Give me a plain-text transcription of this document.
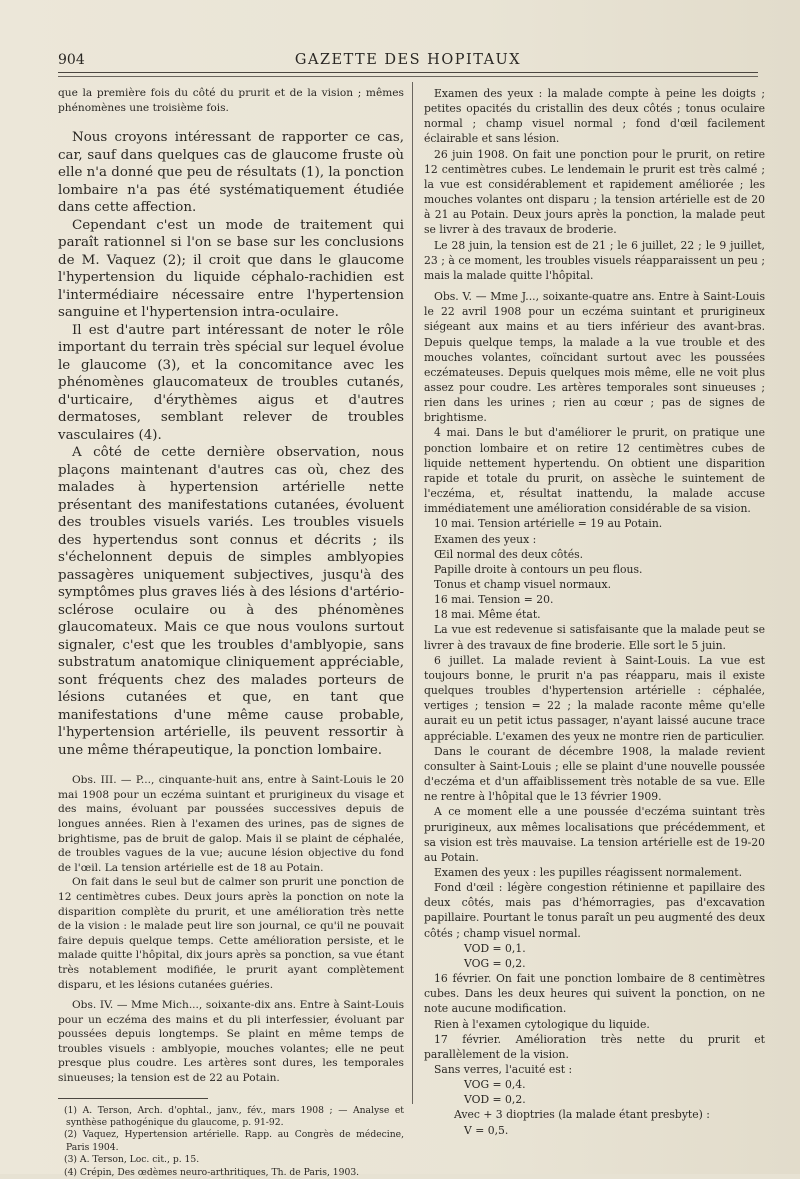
904	GAZETTE DES HOPITAUX

que la première fois du côté du prurit et de la vision ; mêmes phénomènes une troisième fois.

Nous croyons intéressant de rapporter ce cas, car, sauf dans quelques cas de glaucome fruste où elle n'a donné que peu de résultats (1), la ponction lombaire n'a pas été systématiquement étudiée dans cette affection.

Cependant c'est un mode de traitement qui paraît rationnel si l'on se base sur les conclusions de M. Vaquez (2); il croit que dans le glaucome l'hypertension du liquide céphalo-rachidien est l'intermédiaire nécessaire entre l'hypertension sanguine et l'hypertension intra-oculaire.

Il est d'autre part intéressant de noter le rôle important du terrain très spécial sur lequel évolue le glaucome (3), et la concomitance avec les phénomènes glaucomateux de troubles cutanés, d'urticaire, d'érythèmes aigus et d'autres dermatoses, semblant relever de troubles vasculaires (4).

A côté de cette dernière observation, nous plaçons maintenant d'autres cas où, chez des malades à hypertension artérielle nette présentant des manifestations cutanées, évoluent des troubles visuels variés. Les troubles visuels des hypertendus sont connus et décrits ; ils s'échelonnent depuis de simples amblyopies passagères uniquement subjectives, jusqu'à des symptômes plus graves liés à des lésions d'artério-sclérose oculaire ou à des phénomènes glaucomateux. Mais ce que nous voulons surtout signaler, c'est que les troubles d'amblyopie, sans substratum anatomique cliniquement appréciable, sont fréquents chez des malades porteurs de lésions cutanées et que, en tant que manifestations d'une même cause probable, l'hypertension artérielle, ils peuvent ressortir à une même thérapeutique, la ponction lombaire.

Obs. III. — P..., cinquante-huit ans, entre à Saint-Louis le 20 mai 1908 pour un eczéma suintant et prurigineux du visage et des mains, évoluant par poussées successives depuis de longues années. Rien à l'examen des urines, pas de signes de brightisme, pas de bruit de galop. Mais il se plaint de céphalée, de troubles vagues de la vue; aucune lésion objective du fond de l'œil. La tension artérielle est de 18 au Potain.

On fait dans le seul but de calmer son prurit une ponction de 12 centimètres cubes. Deux jours après la ponction on note la disparition complète du prurit, et une amélioration très nette de la vision : le malade peut lire son journal, ce qu'il ne pouvait faire depuis quelque temps. Cette amélioration persiste, et le malade quitte l'hôpital, dix jours après sa ponction, sa vue étant très notablement modifiée, le prurit ayant complètement disparu, et les lésions cutanées guéries.

Obs. IV. — Mme Mich..., soixante-dix ans. Entre à Saint-Louis pour un eczéma des mains et du pli interfessier, évoluant par poussées depuis longtemps. Se plaint en même temps de troubles visuels : amblyopie, mouches volantes; elle ne peut presque plus coudre. Les artères sont dures, les temporales sinueuses; la tension est de 22 au Potain.

(1) A. Terson, Arch. d'ophtal., janv., fév., mars 1908 ; — Analyse et synthèse pathogénique du glaucome, p. 91-92.

(2) Vaquez, Hypertension artérielle. Rapp. au Congrès de médecine, Paris 1904.

(3) A. Terson, Loc. cit., p. 15.

(4) Crépin, Des œdèmes neuro-arthritiques, Th. de Paris, 1903.

Examen des yeux : la malade compte à peine les doigts ; petites opacités du cristallin des deux côtés ; tonus oculaire normal ; champ visuel normal ; fond d'œil facilement éclairable et sans lésion.

26 juin 1908. On fait une ponction pour le prurit, on retire 12 centimètres cubes. Le lendemain le prurit est très calmé ; la vue est considérablement et rapidement améliorée ; les mouches volantes ont disparu ; la tension artérielle est de 20 à 21 au Potain. Deux jours après la ponction, la malade peut se livrer à des travaux de broderie.

Le 28 juin, la tension est de 21 ; le 6 juillet, 22 ; le 9 juillet, 23 ; à ce moment, les troubles visuels réapparaissent un peu ; mais la malade quitte l'hôpital.

Obs. V. — Mme J..., soixante-quatre ans. Entre à Saint-Louis le 22 avril 1908 pour un eczéma suintant et prurigineux siégeant aux mains et au tiers inférieur des avant-bras. Depuis quelque temps, la malade a la vue trouble et des mouches volantes, coïncidant surtout avec les poussées eczémateuses. Depuis quelques mois même, elle ne voit plus assez pour coudre. Les artères temporales sont sinueuses ; rien dans les urines ; rien au cœur ; pas de signes de brightisme.

4 mai. Dans le but d'améliorer le prurit, on pratique une ponction lombaire et on retire 12 centimètres cubes de liquide nettement hypertendu. On obtient une disparition rapide et totale du prurit, on assèche le suintement de l'eczéma, et, résultat inattendu, la malade accuse immédiatement une amélioration considérable de sa vision.

10 mai. Tension artérielle = 19 au Potain.

Examen des yeux :

Œil normal des deux côtés.

Papille droite à contours un peu flous.

Tonus et champ visuel normaux.

16 mai. Tension = 20.

18 mai. Même état.

La vue est redevenue si satisfaisante que la malade peut se livrer à des travaux de fine broderie. Elle sort le 5 juin.

6 juillet. La malade revient à Saint-Louis. La vue est toujours bonne, le prurit n'a pas réapparu, mais il existe quelques troubles d'hypertension artérielle : céphalée, vertiges ; tension = 22 ; la malade raconte même qu'elle aurait eu un petit ictus passager, n'ayant laissé aucune trace appréciable. L'examen des yeux ne montre rien de particulier.

Dans le courant de décembre 1908, la malade revient consulter à Saint-Louis ; elle se plaint d'une nouvelle poussée d'eczéma et d'un affaiblissement très notable de sa vue. Elle ne rentre à l'hôpital que le 13 février 1909.

A ce moment elle a une poussée d'eczéma suintant très prurigineux, aux mêmes localisations que précédemment, et sa vision est très mauvaise. La tension artérielle est de 19-20 au Potain.

Examen des yeux : les pupilles réagissent normalement.

Fond d'œil : légère congestion rétinienne et papillaire des deux côtés, mais pas d'hémorragies, pas d'excavation papillaire. Pourtant le tonus paraît un peu augmenté des deux côtés ; champ visuel normal.

VOD = 0,1.

VOG = 0,2.

16 février. On fait une ponction lombaire de 8 centimètres cubes. Dans les deux heures qui suivent la ponction, on ne note aucune modification.

Rien à l'examen cytologique du liquide.

17 février. Amélioration très nette du prurit et parallèlement de la vision.

Sans verres, l'acuité est :

VOG = 0,4.

VOD = 0,2.

Avec + 3 dioptries (la malade étant presbyte) :

V = 0,5.
